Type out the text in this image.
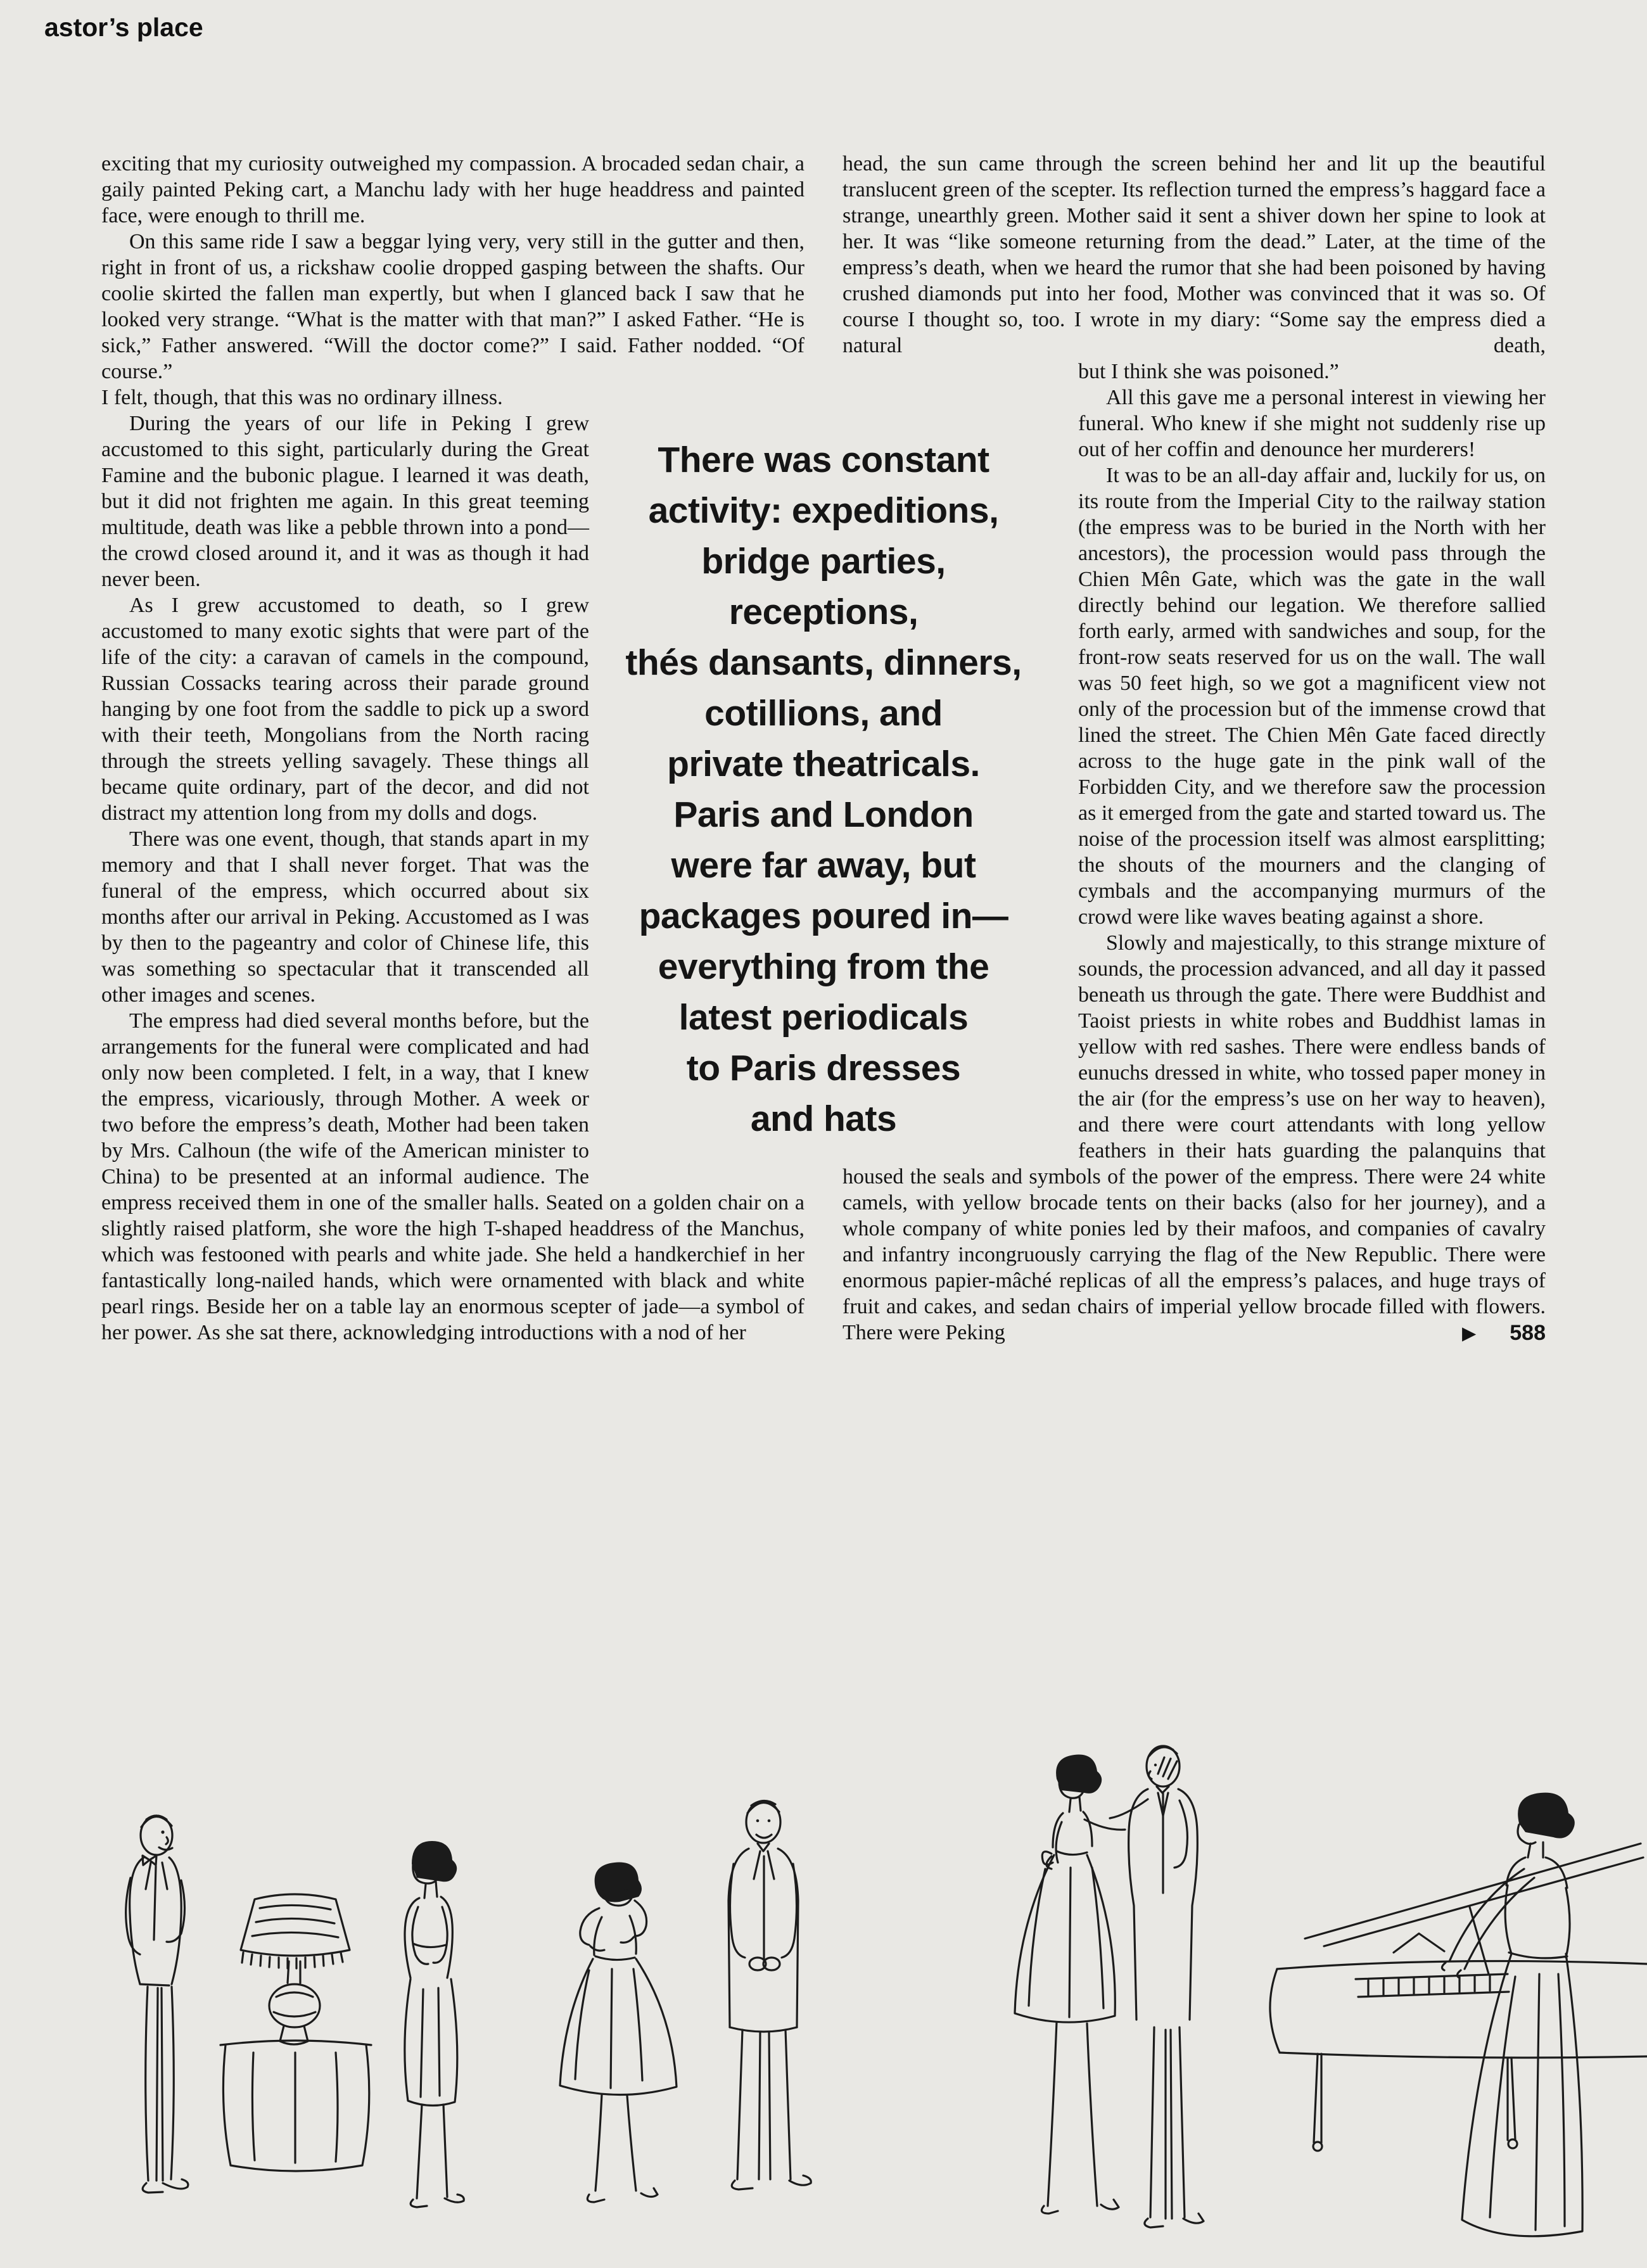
astor’s place

exciting that my curiosity outweighed my compassion. A brocaded sedan chair, a gaily painted Peking cart, a Manchu lady with her huge headdress and painted face, were enough to thrill me.

On this same ride I saw a beggar lying very, very still in the gutter and then, right in front of us, a rickshaw coolie dropped gasping between the shafts. Our coolie skirted the fallen man expertly, but when I glanced back I saw that he looked very strange. “What is the matter with that man?” I asked Father. “He is sick,” Father answered. “Will the doctor come?” I said. Father nodded. “Of course.”

I felt, though, that this was no ordinary illness.

During the years of our life in Peking I grew accustomed to this sight, particularly during the Great Famine and the bubonic plague. I learned it was death, but it did not frighten me again. In this great teeming multitude, death was like a pebble thrown into a pond—the crowd closed around it, and it was as though it had never been.

As I grew accustomed to death, so I grew accustomed to many exotic sights that were part of the life of the city: a caravan of camels in the compound, Russian Cossacks tearing across their parade ground hanging by one foot from the saddle to pick up a sword with their teeth, Mongolians from the North racing through the streets yelling savagely. These things all became quite ordinary, part of the decor, and did not distract my attention long from my dolls and dogs.

There was one event, though, that stands apart in my memory and that I shall never forget. That was the funeral of the empress, which occurred about six months after our arrival in Peking. Accustomed as I was by then to the pageantry and color of Chinese life, this was something so spectacular that it transcended all other images and scenes.

The empress had died several months before, but the arrangements for the funeral were complicated and had only now been completed. I felt, in a way, that I knew the empress, vicariously, through Mother. A week or two before the empress’s death, Mother had been taken by Mrs. Calhoun (the wife of the American minister to China) to be presented at an informal audience. The empress received them in one of the smaller halls. Seated on a golden chair on a slightly raised platform, she wore the high T-shaped headdress of the Manchus, which was festooned with pearls and white jade. She held a handkerchief in her fantastically long-nailed hands, which were ornamented with black and white pearl rings. Beside her on a table lay an enormous scepter of jade—a symbol of her power. As she sat there, acknowledging introductions with a nod of her

head, the sun came through the screen behind her and lit up the beautiful translucent green of the scepter. Its reflection turned the empress’s haggard face a strange, unearthly green. Mother said it sent a shiver down her spine to look at her. It was “like someone returning from the dead.” Later, at the time of the empress’s death, when we heard the rumor that she had been poisoned by having crushed diamonds put into her food, Mother was convinced that it was so. Of course I thought so, too. I wrote in my diary: “Some say the empress died a natural death,

but I think she was poisoned.”

All this gave me a personal interest in viewing her funeral. Who knew if she might not suddenly rise up out of her coffin and denounce her murderers!

It was to be an all-day affair and, luckily for us, on its route from the Imperial City to the railway station (the empress was to be buried in the North with her ancestors), the procession would pass through the Chien Mên Gate, which was the gate in the wall directly behind our legation. We therefore sallied forth early, armed with sandwiches and soup, for the front-row seats reserved for us on the wall. The wall was 50 feet high, so we got a magnificent view not only of the procession but of the immense crowd that lined the street. The Chien Mên Gate faced directly across to the huge gate in the pink wall of the Forbidden City, and we therefore saw the procession as it emerged from the gate and started toward us. The noise of the procession itself was almost earsplitting; the shouts of the mourners and the clanging of cymbals and the accompanying murmurs of the crowd were like waves beating against a shore.

Slowly and majestically, to this strange mixture of sounds, the procession advanced, and all day it passed beneath us through the gate. There were Buddhist and Taoist priests in white robes and Buddhist lamas in yellow with red sashes. There were endless bands of eunuchs dressed in white, who tossed paper money in the air (for the empress’s use on her way to heaven), and there were court attendants with long yellow feathers in their hats guarding the palanquins that housed the seals and symbols of the power of the empress. There were 24 white camels, with yellow brocade tents on their backs (also for her journey), and a whole company of white ponies led by their mafoos, and companies of cavalry and infantry incongruously carrying the flag of the New Republic. There were enormous papier-mâché replicas of all the empress’s palaces, and huge trays of fruit and cakes, and sedan chairs of imperial yellow brocade filled with flowers. There were Peking	▶	588

There was constant
activity: expeditions,
bridge parties,
receptions,
thés dansants, dinners,
cotillions, and
private theatricals.
Paris and London
were far away, but
packages poured in—
everything from the
latest periodicals
to Paris dresses
and hats
